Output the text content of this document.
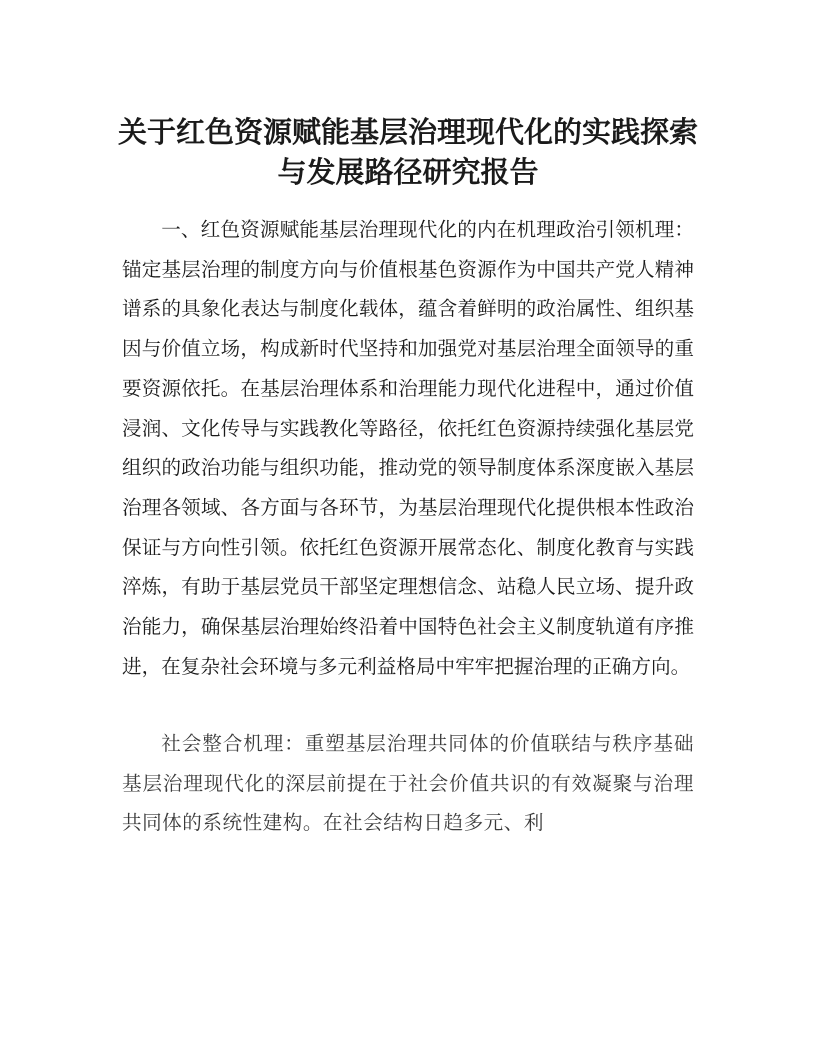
关于红色资源赋能基层治理现代化的实践探索与发展路径研究报告

一、红色资源赋能基层治理现代化的内在机理政治引领机理：锚定基层治理的制度方向与价值根基色资源作为中国共产党人精神谱系的具象化表达与制度化载体，蕴含着鲜明的政治属性、组织基因与价值立场，构成新时代坚持和加强党对基层治理全面领导的重要资源依托。在基层治理体系和治理能力现代化进程中，通过价值浸润、文化传导与实践教化等路径，依托红色资源持续强化基层党组织的政治功能与组织功能，推动党的领导制度体系深度嵌入基层治理各领域、各方面与各环节，为基层治理现代化提供根本性政治保证与方向性引领。依托红色资源开展常态化、制度化教育与实践淬炼，有助于基层党员干部坚定理想信念、站稳人民立场、提升政治能力，确保基层治理始终沿着中国特色社会主义制度轨道有序推进，在复杂社会环境与多元利益格局中牢牢把握治理的正确方向。

社会整合机理：重塑基层治理共同体的价值联结与秩序基础基层治理现代化的深层前提在于社会价值共识的有效凝聚与治理共同体的系统性建构。在社会结构日趋多元、利
